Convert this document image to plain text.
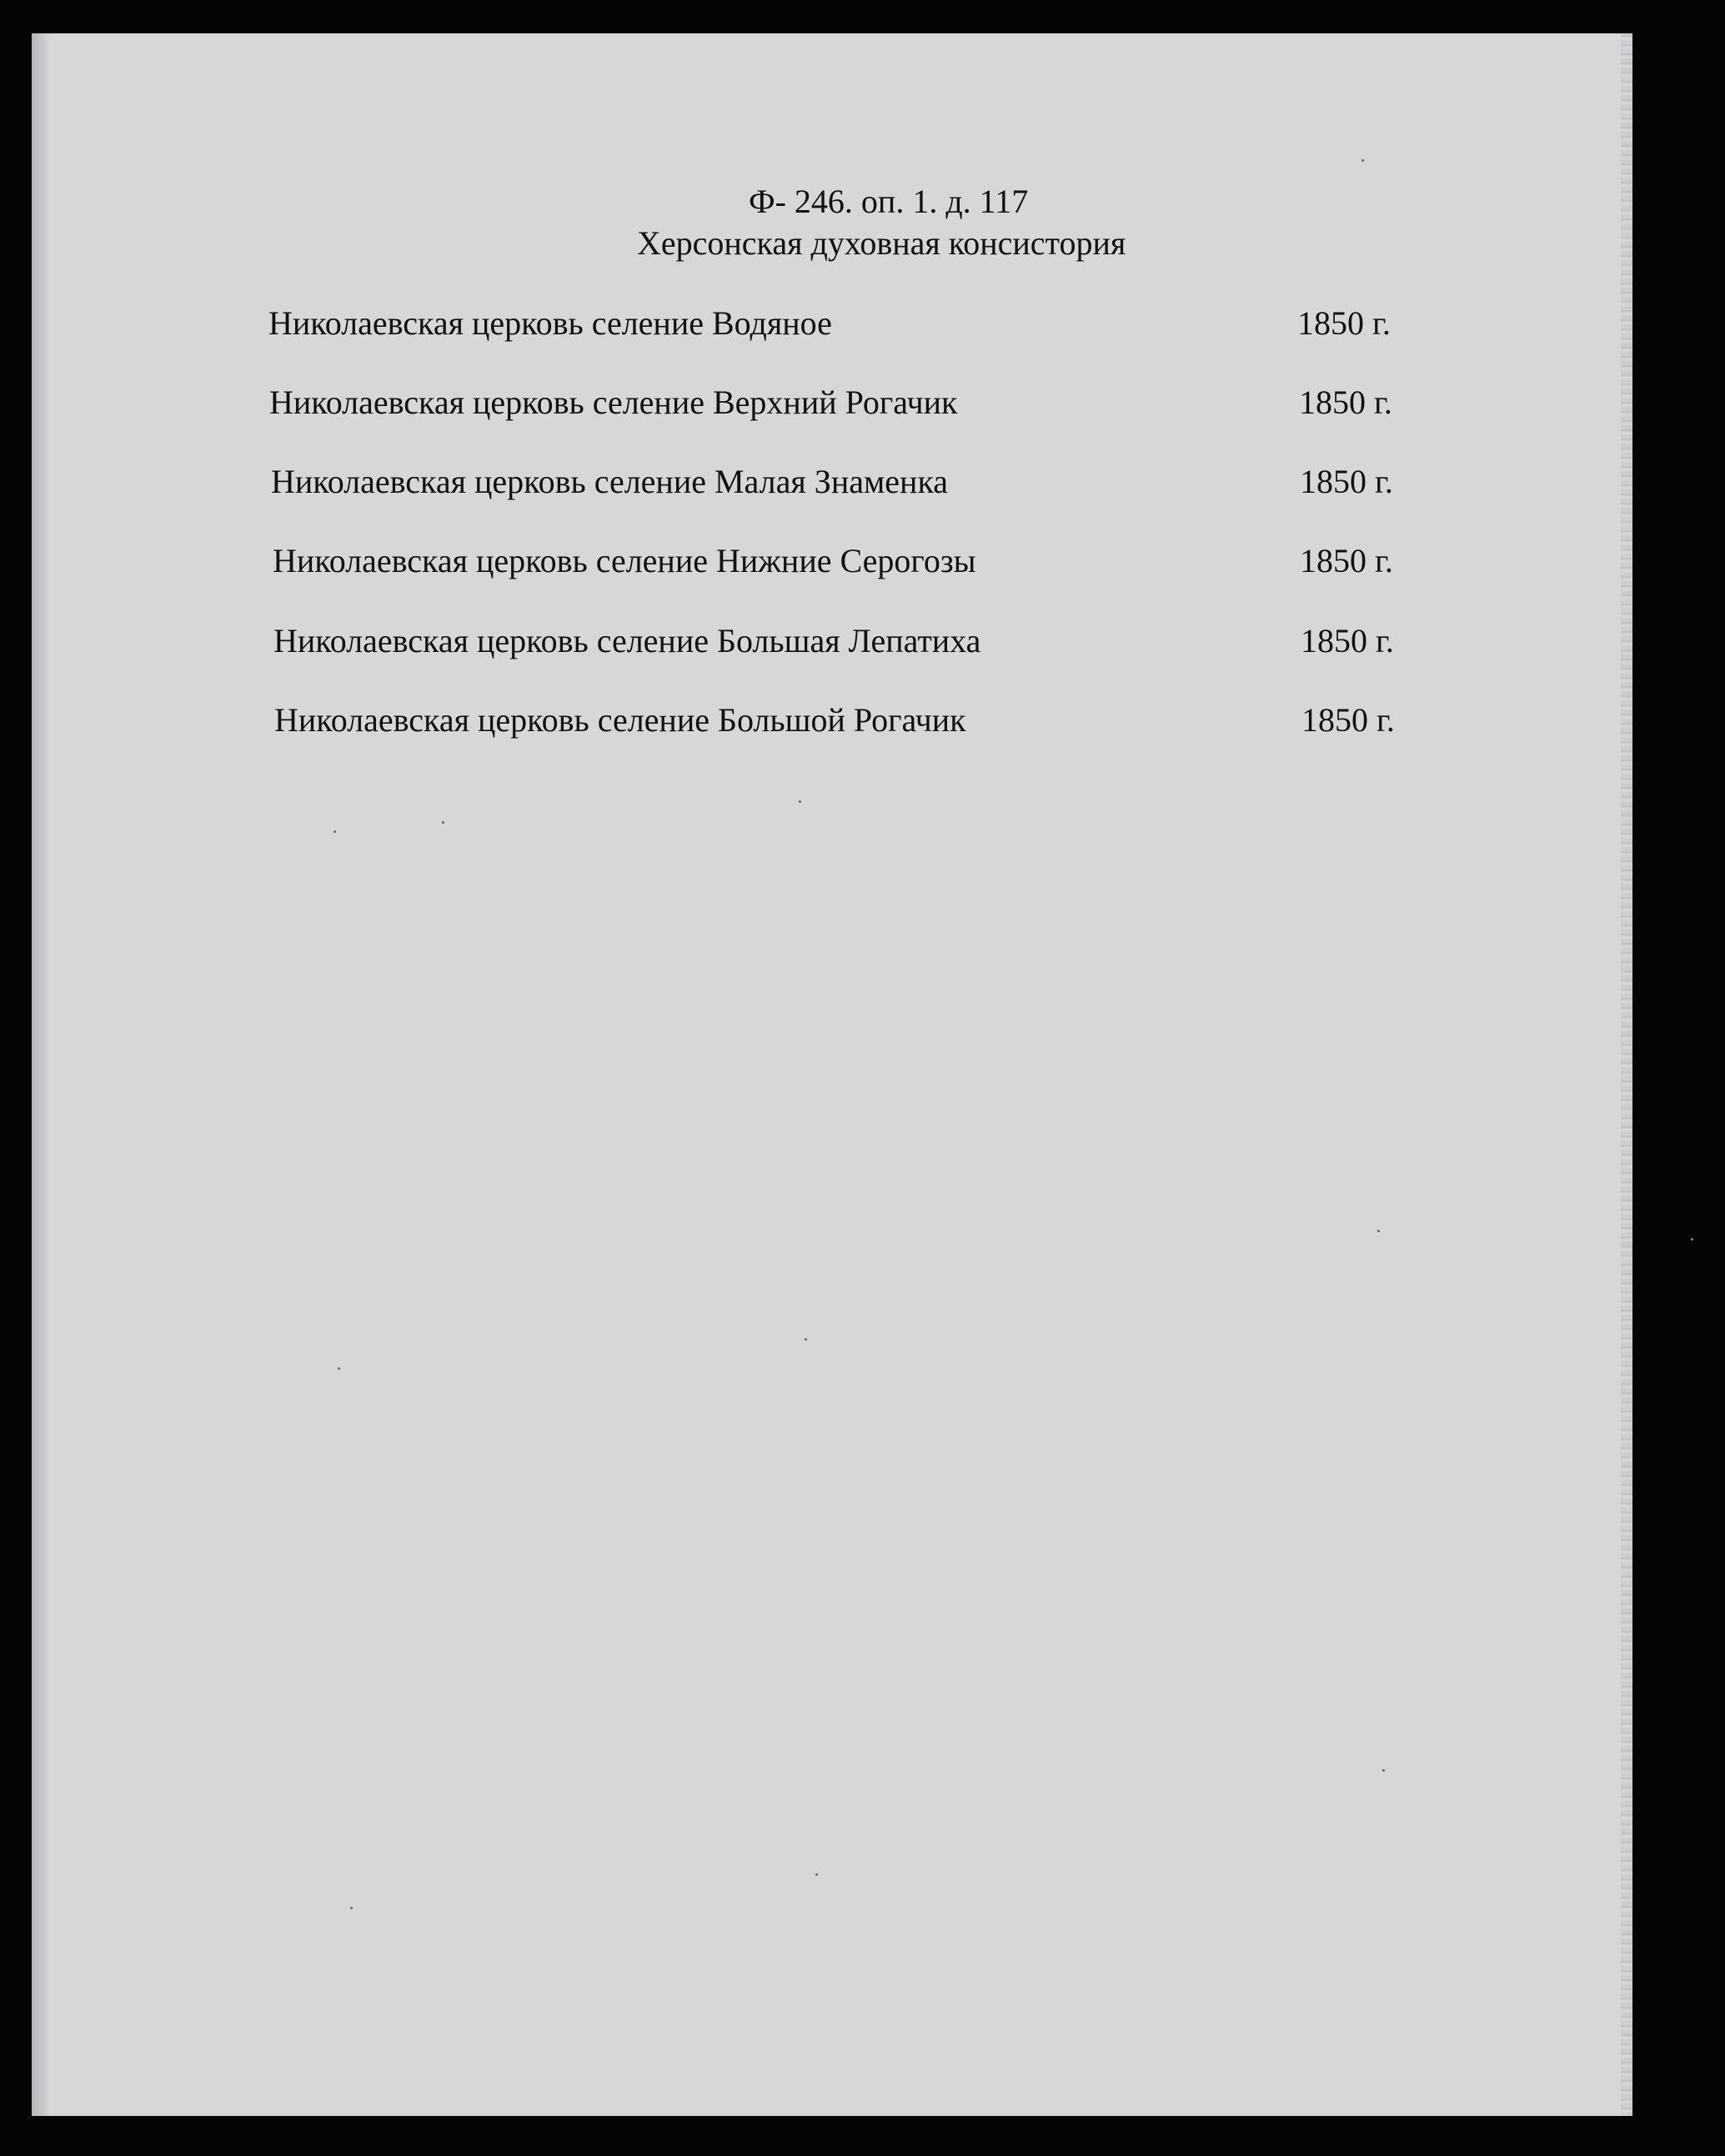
Ф- 246. оп. 1. д. 117
Херсонская духовная консистория
Николаевская церковь селение Водяное	1850 г.
Николаевская церковь селение Верхний Рогачик	1850 г.
Николаевская церковь селение Малая Знаменка	1850 г.
Николаевская церковь селение Нижние Серогозы	1850 г.
Николаевская церковь селение Большая Лепатиха	1850 г.
Николаевская церковь селение Большой Рогачик	1850 г.
